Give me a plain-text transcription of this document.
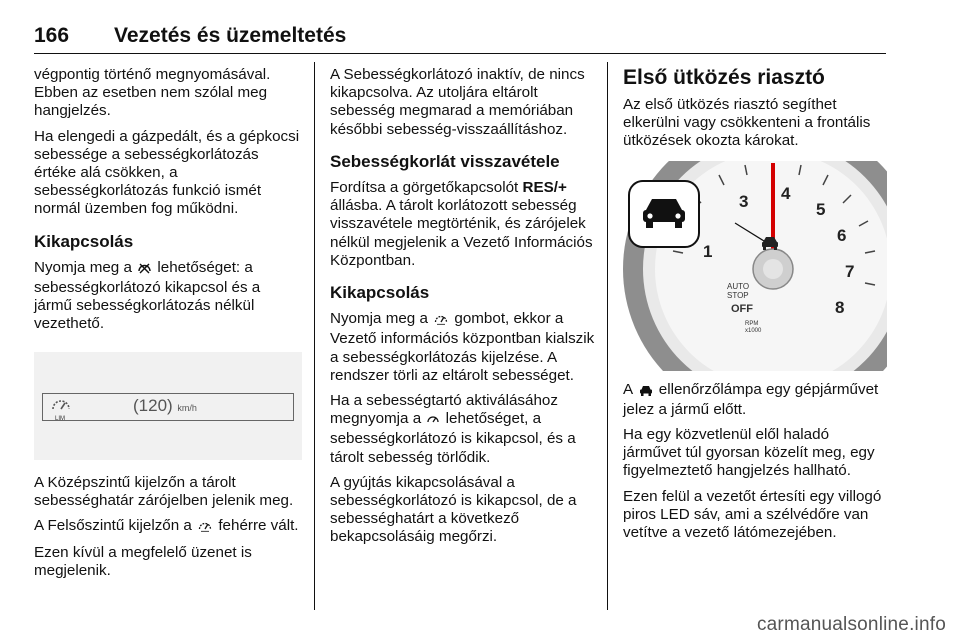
166 Vezetés és üzemeltetés

végpontig történő megnyomásával. Ebben az esetben nem szólal meg hangjelzés.

Ha elengedi a gázpedált, és a gépkocsi sebessége a sebességkorlátozás értéke alá csökken, a sebességkorlátozás funkció ismét normál üzemben fog működni.

Kikapcsolás

Nyomja meg a lehetőséget: a sebességkorlátozó kikapcsol és a jármű sebességkorlátozás nélkül vezethető.

LIM
(120) km/h

A Középszintű kijelzőn a tárolt sebességhatár zárójelben jelenik meg.

A Felsőszintű kijelzőn a fehérre vált.

Ezen kívül a megfelelő üzenet is megjelenik.

A Sebességkorlátozó inaktív, de nincs kikapcsolva. Az utoljára eltárolt sebesség megmarad a memóriában későbbi sebesség-visszaállításhoz.

Sebességkorlát visszavétele

Fordítsa a görgetőkapcsolót RES/+ állásba. A tárolt korlátozott sebesség visszavétele megtörténik, és zárójelek nélkül megjelenik a Vezető Információs Központban.

Kikapcsolás

Nyomja meg a gombot, ekkor a Vezető információs központban kialszik a sebességkorlátozás kijelzése. A rendszer törli az eltárolt sebességet.

Ha a sebességtartó aktiválásához megnyomja a lehetőséget, a sebességkorlátozó is kikapcsol, és a tárolt sebesség törlődik.

A gyújtás kikapcsolásával a sebességkorlátozó is kikapcsol, de a sebességhatárt a következő bekapcsolásáig megőrzi.

Első ütközés riasztó

Az első ütközés riasztó segíthet elkerülni vagy csökkenteni a frontális ütközések okozta károkat.

1
3 4
5
6
7
8
AUTO
STOP
OFF
RPM
x1000

A ellenőrzőlámpa egy gépjárművet jelez a jármű előtt.

Ha egy közvetlenül elől haladó járművet túl gyorsan közelít meg, egy figyelmeztető hangjelzés hallható.

Ezen felül a vezetőt értesíti egy villogó piros LED sáv, ami a szélvédőre van vetítve a vezető látómezejében.

carmanualsonline.info
